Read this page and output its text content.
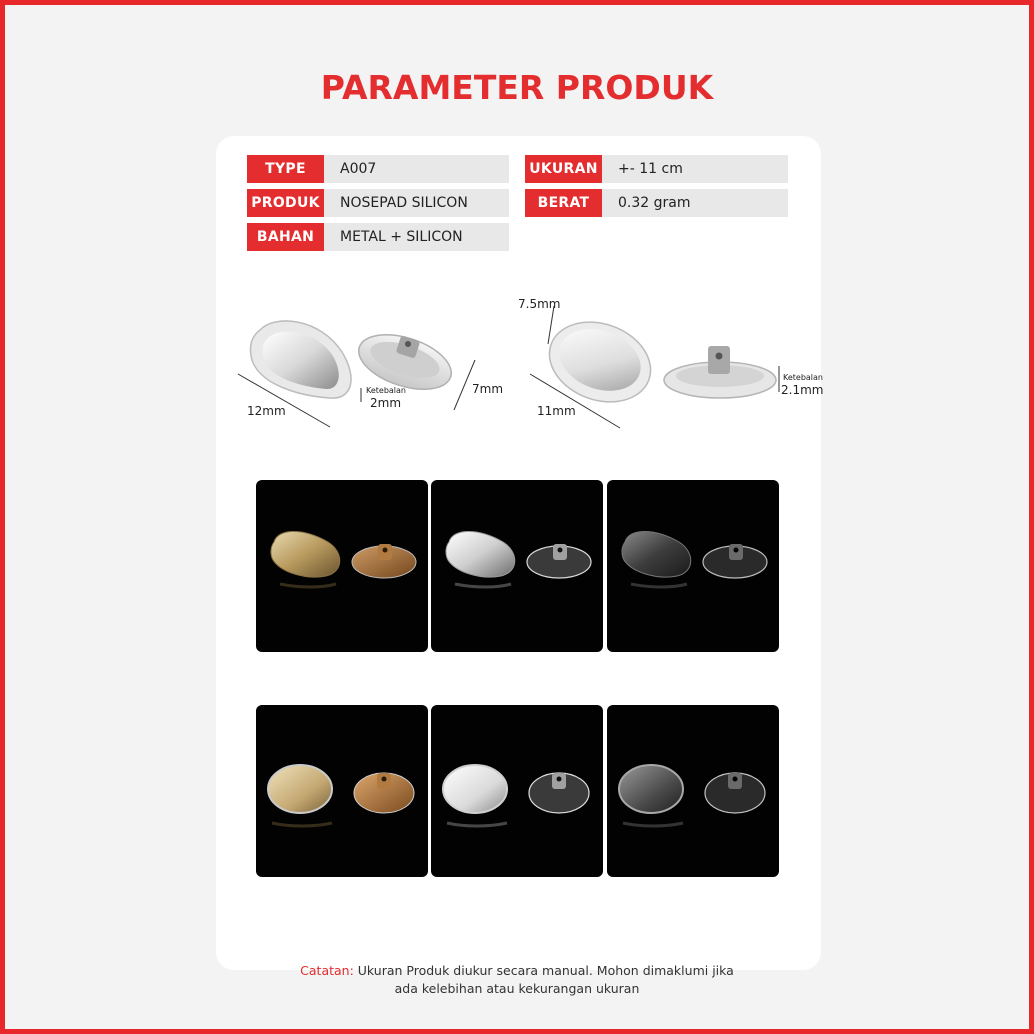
PARAMETER PRODUK
TYPE	A007
PRODUK	NOSEPAD SILICON
BAHAN	METAL + SILICON
UKURAN	+- 11 cm
BERAT	0.32 gram
12mm
7mm
Ketebalan
2mm
7.5mm
11mm
Ketebalan
2.1mm
Catatan: Ukuran Produk diukur secara manual. Mohon dimaklumi jika
ada kelebihan atau kekurangan ukuran
